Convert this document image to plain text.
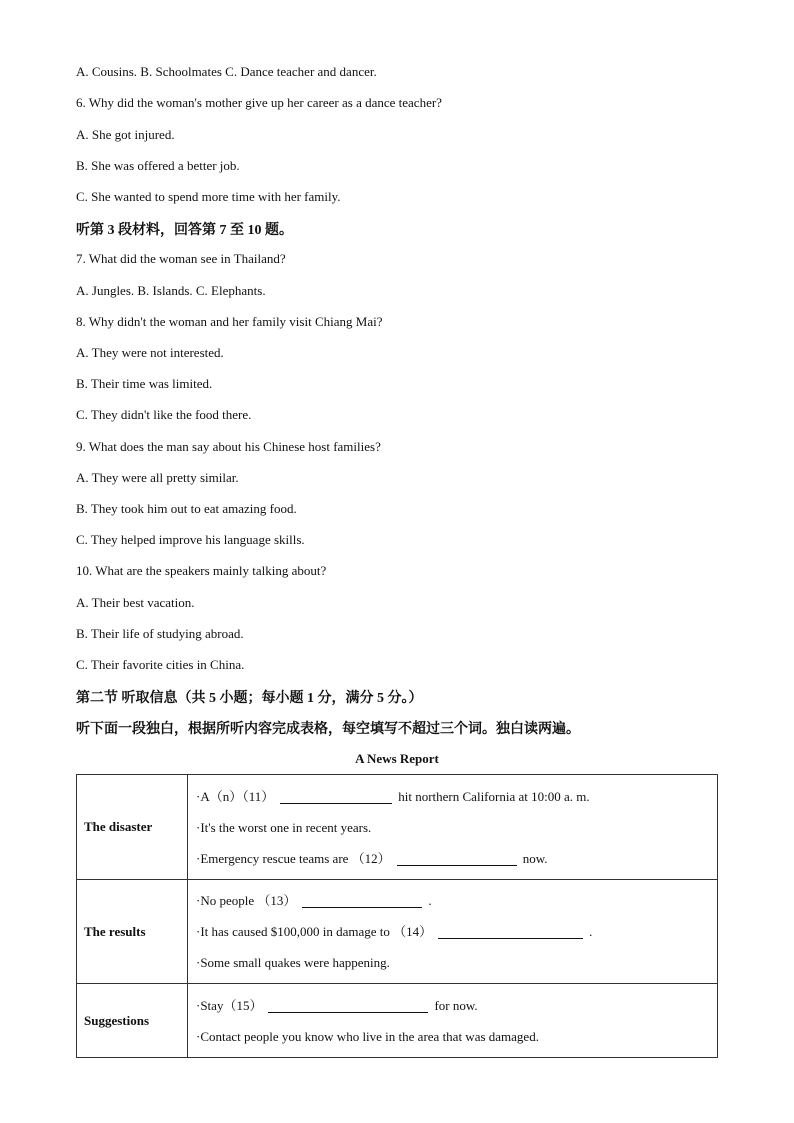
A. Cousins. B. Schoolmates C. Dance teacher and dancer.
6. Why did the woman's mother give up her career as a dance teacher?
A. She got injured.
B. She was offered a better job.
C. She wanted to spend more time with her family.
听第 3 段材料，回答第 7 至 10 题。
7. What did the woman see in Thailand?
A. Jungles. B. Islands. C. Elephants.
8. Why didn't the woman and her family visit Chiang Mai?
A. They were not interested.
B. Their time was limited.
C. They didn't like the food there.
9. What does the man say about his Chinese host families?
A. They were all pretty similar.
B. They took him out to eat amazing food.
C. They helped improve his language skills.
10. What are the speakers mainly talking about?
A. Their best vacation.
B. Their life of studying abroad.
C. Their favorite cities in China.
第二节 听取信息（共 5 小题；每小题 1 分，满分 5 分。）
听下面一段独白，根据所听内容完成表格，每空填写不超过三个词。独白读两遍。
A News Report
The disaster	·A（n）（11） hit northern California at 10:00 a. m.
·It's the worst one in recent years.
·Emergency rescue teams are （12） now.

The results	·No people （13） .
·It has caused $100,000 in damage to （14） .
·Some small quakes were happening.

Suggestions	·Stay（15） for now.
·Contact people you know who live in the area that was damaged.
